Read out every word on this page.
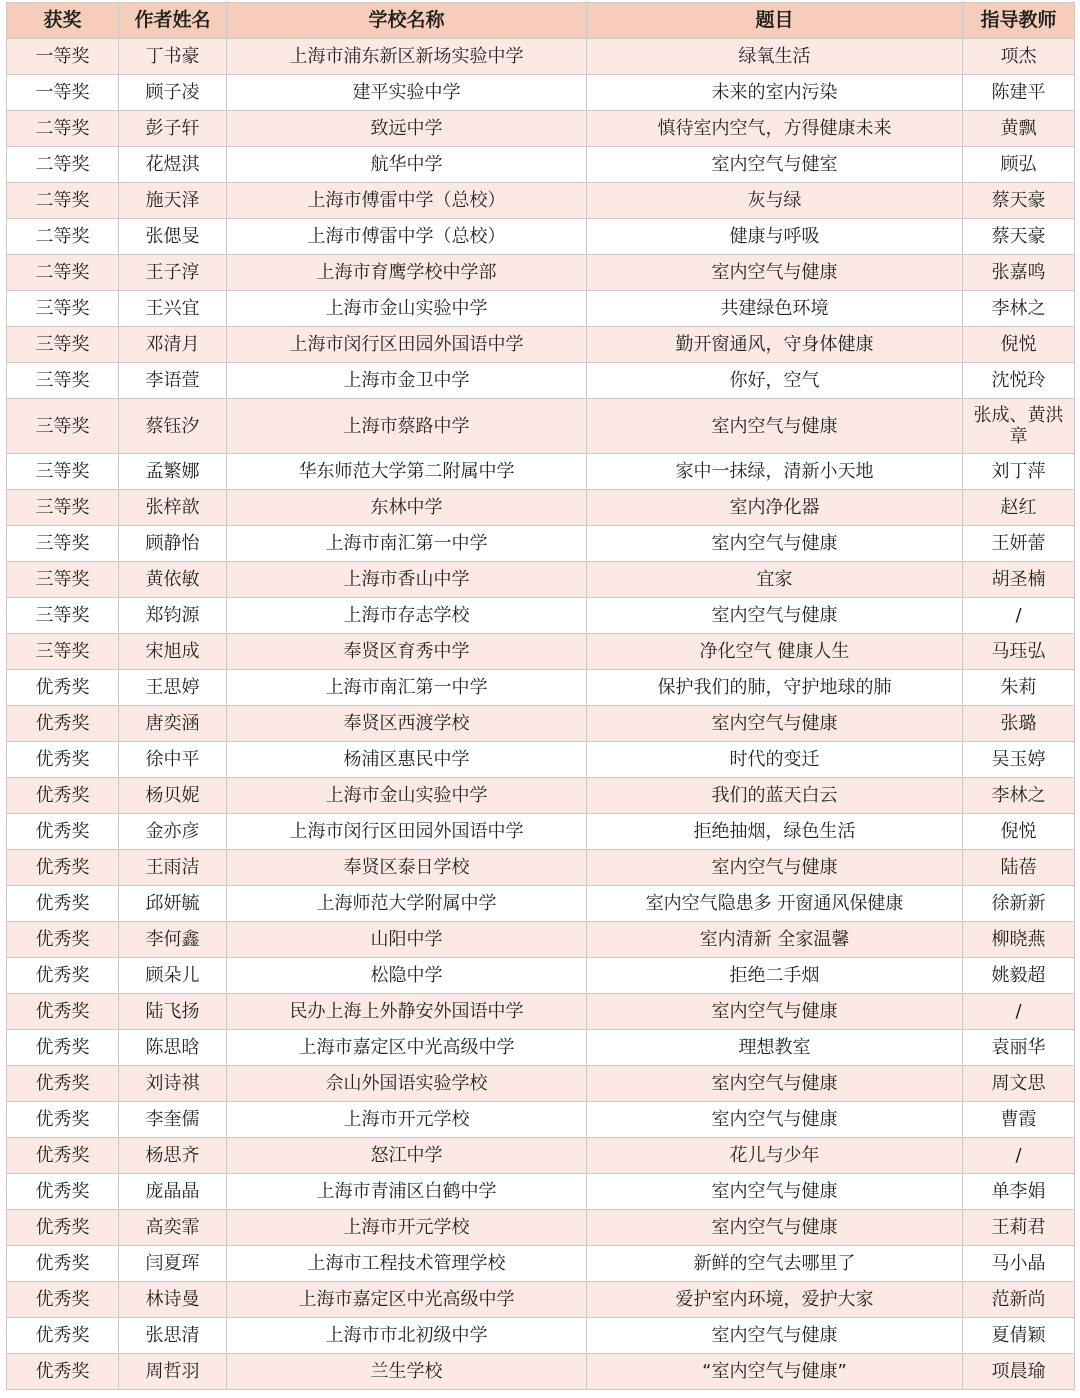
获奖	作者姓名	学校名称	题目	指导教师
一等奖	丁书豪	上海市浦东新区新场实验中学	绿氧生活	项杰
一等奖	顾子凌	建平实验中学	未来的室内污染	陈建平
二等奖	彭子轩	致远中学	慎待室内空气，方得健康未来	黄飘
二等奖	花煜淇	航华中学	室内空气与健室	顾弘
二等奖	施天泽	上海市傅雷中学（总校）	灰与绿	蔡天豪
二等奖	张偲旻	上海市傅雷中学（总校）	健康与呼吸	蔡天豪
二等奖	王子淳	上海市育鹰学校中学部	室内空气与健康	张嘉鸣
三等奖	王兴宜	上海市金山实验中学	共建绿色环境	李林之
三等奖	邓清月	上海市闵行区田园外国语中学	勤开窗通风，守身体健康	倪悦
三等奖	李语萱	上海市金卫中学	你好，空气	沈悦玲
三等奖	蔡钰汐	上海市蔡路中学	室内空气与健康	张成、黄洪章
三等奖	孟繁娜	华东师范大学第二附属中学	家中一抹绿，清新小天地	刘丁萍
三等奖	张梓歆	东林中学	室内净化器	赵红
三等奖	顾静怡	上海市南汇第一中学	室内空气与健康	王妍蕾
三等奖	黄依敏	上海市香山中学	宜家	胡圣楠
三等奖	郑钧源	上海市存志学校	室内空气与健康	/
三等奖	宋旭成	奉贤区育秀中学	净化空气 健康人生	马珏弘
优秀奖	王思婷	上海市南汇第一中学	保护我们的肺，守护地球的肺	朱莉
优秀奖	唐奕涵	奉贤区西渡学校	室内空气与健康	张璐
优秀奖	徐中平	杨浦区惠民中学	时代的变迁	吴玉婷
优秀奖	杨贝妮	上海市金山实验中学	我们的蓝天白云	李林之
优秀奖	金亦彦	上海市闵行区田园外国语中学	拒绝抽烟，绿色生活	倪悦
优秀奖	王雨洁	奉贤区泰日学校	室内空气与健康	陆蓓
优秀奖	邱妍毓	上海师范大学附属中学	室内空气隐患多 开窗通风保健康	徐新新
优秀奖	李何鑫	山阳中学	室内清新 全家温馨	柳晓燕
优秀奖	顾朵儿	松隐中学	拒绝二手烟	姚毅超
优秀奖	陆飞扬	民办上海上外静安外国语中学	室内空气与健康	/
优秀奖	陈思晗	上海市嘉定区中光高级中学	理想教室	袁丽华
优秀奖	刘诗祺	佘山外国语实验学校	室内空气与健康	周文思
优秀奖	李奎儒	上海市开元学校	室内空气与健康	曹霞
优秀奖	杨思齐	怒江中学	花儿与少年	/
优秀奖	庞晶晶	上海市青浦区白鹤中学	室内空气与健康	单李娟
优秀奖	高奕霏	上海市开元学校	室内空气与健康	王莉君
优秀奖	闫夏珲	上海市工程技术管理学校	新鲜的空气去哪里了	马小晶
优秀奖	林诗曼	上海市嘉定区中光高级中学	爱护室内环境，爱护大家	范新尚
优秀奖	张思清	上海市市北初级中学	室内空气与健康	夏倩颖
优秀奖	周哲羽	兰生学校	“室内空气与健康”	项晨瑜
